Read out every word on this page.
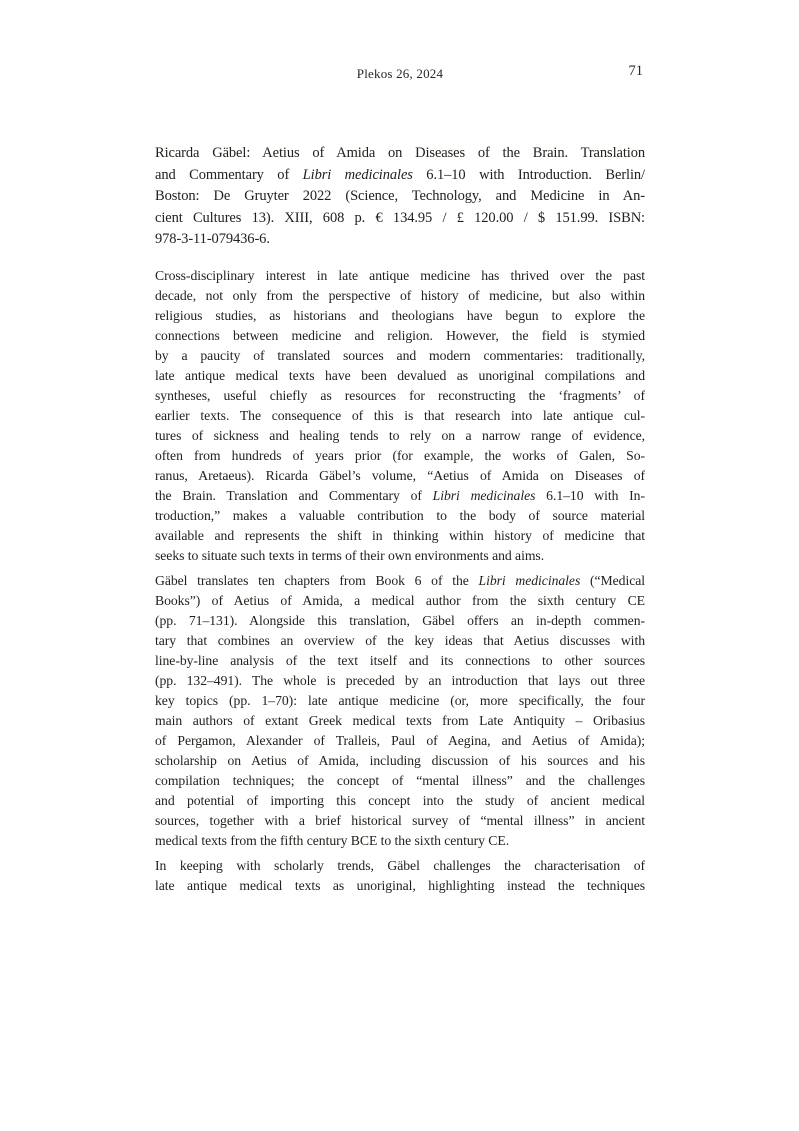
Plekos 26, 2024	71
Ricarda Gäbel: Aetius of Amida on Diseases of the Brain. Translation
and Commentary of Libri medicinales 6.1–10 with Introduction. Berlin/
Boston: De Gruyter 2022 (Science, Technology, and Medicine in An-
cient Cultures 13). XIII, 608 p. € 134.95 / £ 120.00 / $ 151.99. ISBN:
978-3-11-079436-6.
Cross-disciplinary interest in late antique medicine has thrived over the past
decade, not only from the perspective of history of medicine, but also within
religious studies, as historians and theologians have begun to explore the
connections between medicine and religion. However, the field is stymied
by a paucity of translated sources and modern commentaries: traditionally,
late antique medical texts have been devalued as unoriginal compilations and
syntheses, useful chiefly as resources for reconstructing the ‘fragments’ of
earlier texts. The consequence of this is that research into late antique cul-
tures of sickness and healing tends to rely on a narrow range of evidence,
often from hundreds of years prior (for example, the works of Galen, So-
ranus, Aretaeus). Ricarda Gäbel’s volume, “Aetius of Amida on Diseases of
the Brain. Translation and Commentary of Libri medicinales 6.1–10 with In-
troduction,” makes a valuable contribution to the body of source material
available and represents the shift in thinking within history of medicine that
seeks to situate such texts in terms of their own environments and aims.
Gäbel translates ten chapters from Book 6 of the Libri medicinales (“Medical
Books”) of Aetius of Amida, a medical author from the sixth century CE
(pp. 71–131). Alongside this translation, Gäbel offers an in-depth commen-
tary that combines an overview of the key ideas that Aetius discusses with
line-by-line analysis of the text itself and its connections to other sources
(pp. 132–491). The whole is preceded by an introduction that lays out three
key topics (pp. 1–70): late antique medicine (or, more specifically, the four
main authors of extant Greek medical texts from Late Antiquity – Oribasius
of Pergamon, Alexander of Tralleis, Paul of Aegina, and Aetius of Amida);
scholarship on Aetius of Amida, including discussion of his sources and his
compilation techniques; the concept of “mental illness” and the challenges
and potential of importing this concept into the study of ancient medical
sources, together with a brief historical survey of “mental illness” in ancient
medical texts from the fifth century BCE to the sixth century CE.
In keeping with scholarly trends, Gäbel challenges the characterisation of
late antique medical texts as unoriginal, highlighting instead the techniques
